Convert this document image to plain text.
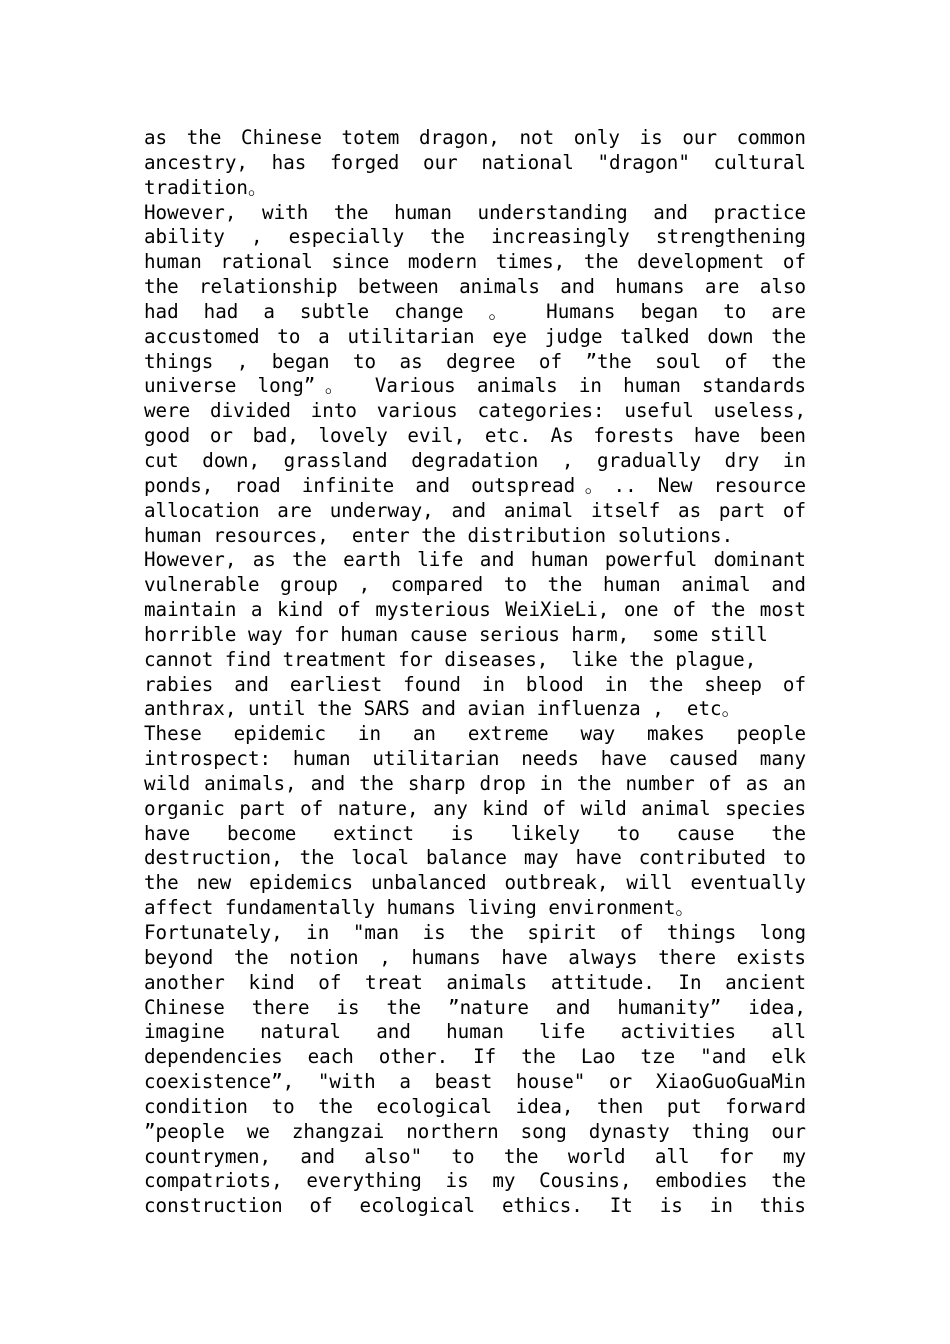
as the Chinese totem dragon, not only is our common
ancestry, has forged our national "dragon" cultural
tradition。
However, with the human understanding and practice
ability , especially the increasingly strengthening
human rational since modern times, the development of
the relationship between animals and humans are also
had had a subtle change 。 Humans began to are
accustomed to a utilitarian eye judge talked down the
things , began to as degree of ”the soul of the
universe long”。 Various animals in human standards
were divided into various categories: useful useless,
good or bad, lovely evil, etc. As forests have been
cut down, grassland degradation , gradually dry in
ponds, road infinite and outspread。.. New resource
allocation are underway, and animal itself as part of
human resources,  enter the distribution solutions.
However, as the earth life and human powerful dominant
vulnerable group , compared to the human animal and
maintain a kind of mysterious WeiXieLi, one of the most
horrible way for human cause serious harm,  some still
cannot find treatment for diseases,  like the plague,
rabies and earliest found in blood in the sheep of
anthrax, until the SARS and avian influenza ,  etc。
These epidemic in an extreme way makes people
introspect: human utilitarian needs have caused many
wild animals, and the sharp drop in the number of as an
organic part of nature, any kind of wild animal species
have become extinct is likely to cause the
destruction, the local balance may have contributed to
the new epidemics unbalanced outbreak, will eventually
affect fundamentally humans living environment。
Fortunately, in "man is the spirit of things long
beyond the notion , humans have always there exists
another kind of treat animals attitude. In ancient
Chinese there is the ”nature and humanity” idea,
imagine natural and human life activities all
dependencies each other. If the Lao tze "and elk
coexistence”, "with a beast house" or XiaoGuoGuaMin
condition to the ecological idea, then put forward
”people we zhangzai northern song dynasty thing our
countrymen, and also" to the world all for my
compatriots, everything is my Cousins, embodies the
construction of ecological ethics. It is in this
